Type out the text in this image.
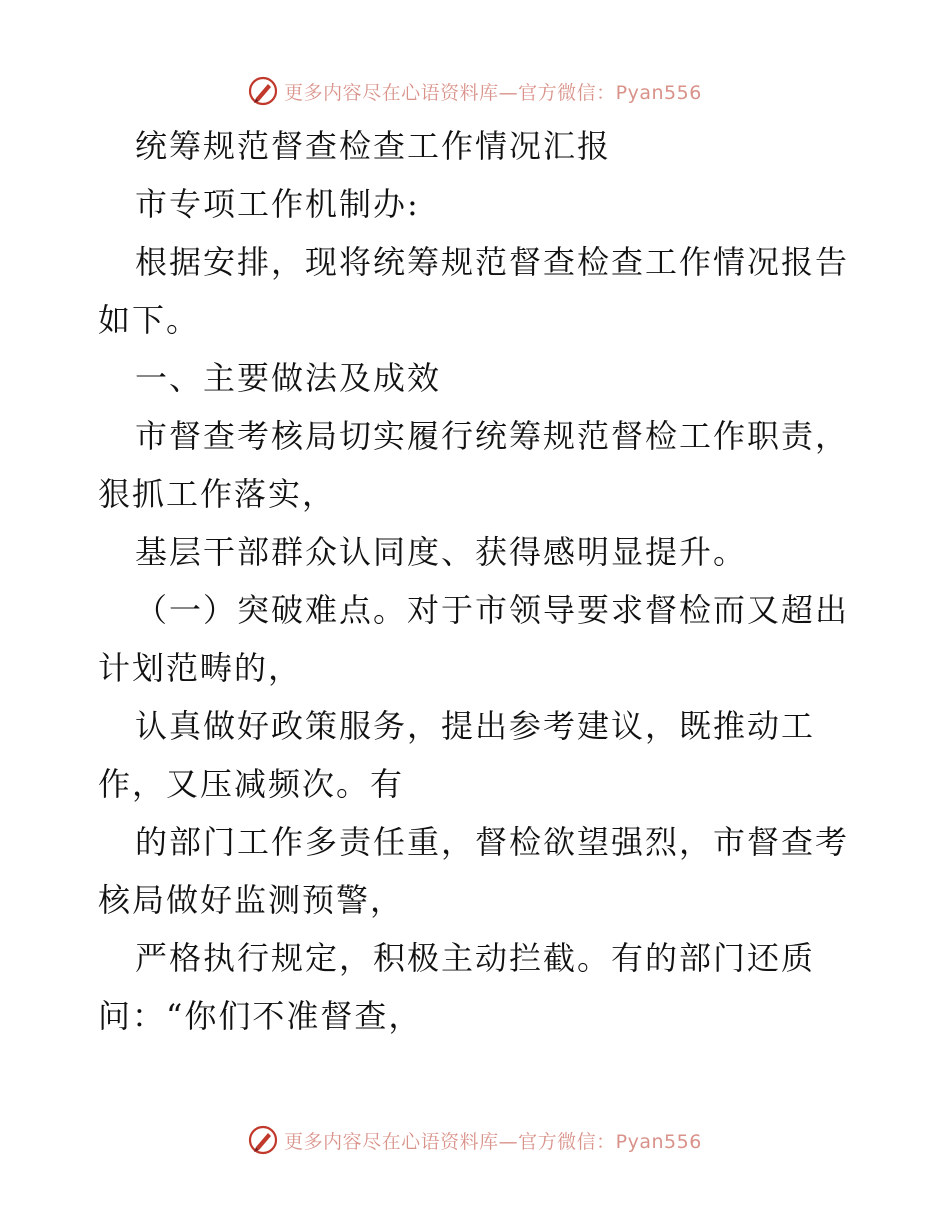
更多内容尽在心语资料库—官方微信：Pyan556
统筹规范督查检查工作情况汇报
市专项工作机制办:
根据安排，现将统筹规范督查检查工作情况报告
如下。
一、主要做法及成效
市督查考核局切实履行统筹规范督检工作职责，
狠抓工作落实，
基层干部群众认同度、获得感明显提升。
（一）突破难点。对于市领导要求督检而又超出
计划范畴的，
认真做好政策服务，提出参考建议，既推动工
作，又压减频次。有
的部门工作多责任重，督检欲望强烈，市督查考
核局做好监测预警，
严格执行规定，积极主动拦截。有的部门还质
问：“你们不准督查，
更多内容尽在心语资料库—官方微信：Pyan556
